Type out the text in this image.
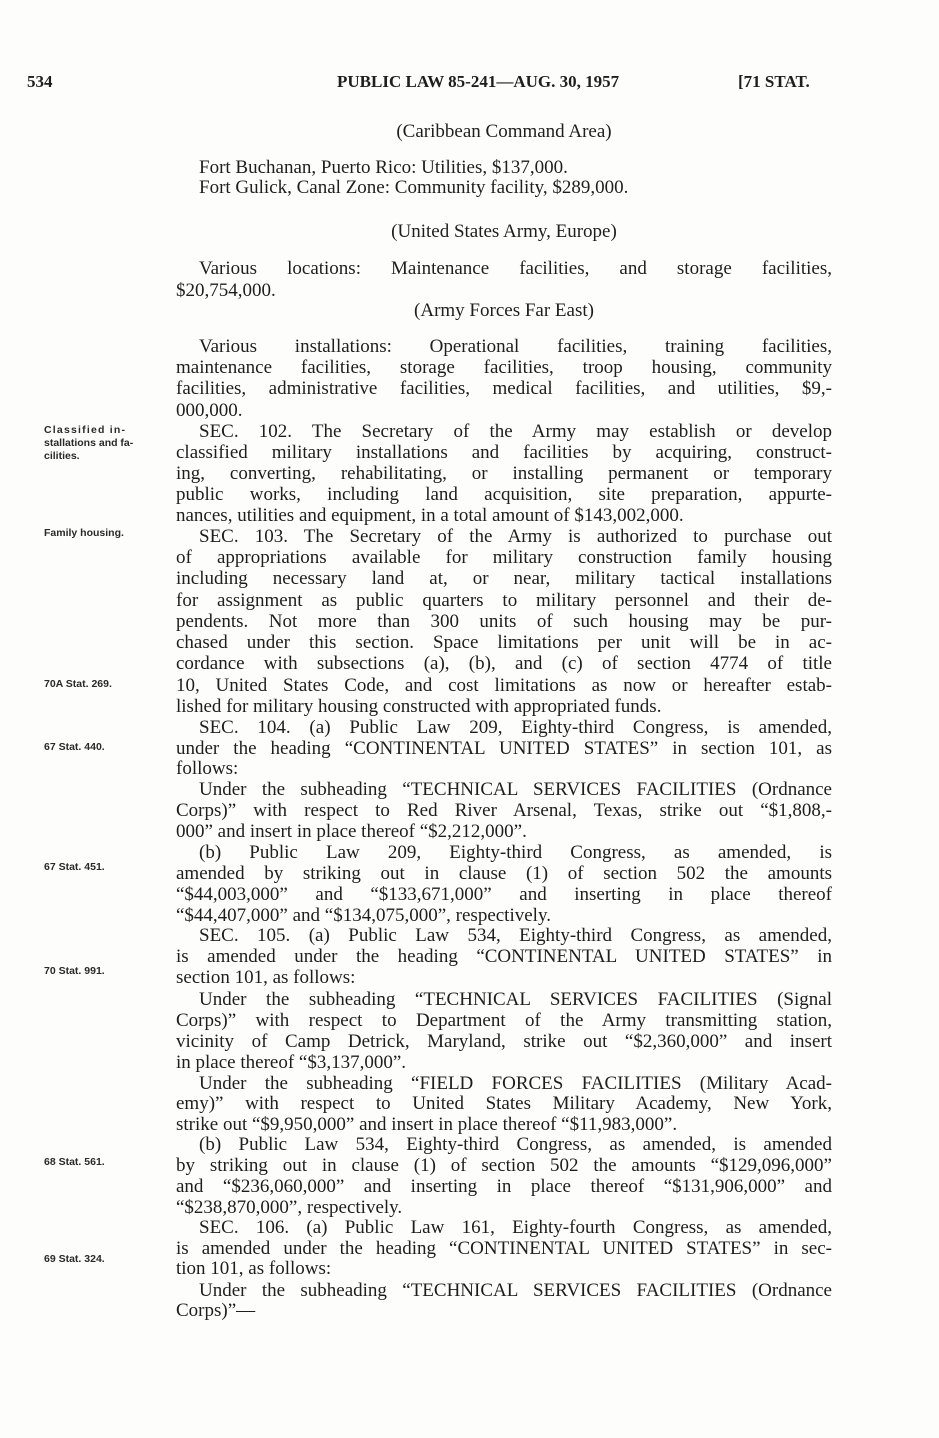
534	PUBLIC LAW 85-241—AUG. 30, 1957	[71 STAT.
(Caribbean Command Area)
Fort Buchanan, Puerto Rico: Utilities, $137,000.
Fort Gulick, Canal Zone: Community facility, $289,000.
(United States Army, Europe)
Various locations: Maintenance facilities, and storage facilities,
$20,754,000.
(Army Forces Far East)
Various installations: Operational facilities, training facilities,
maintenance facilities, storage facilities, troop housing, community
facilities, administrative facilities, medical facilities, and utilities, $9,-
000,000.
SEC. 102. The Secretary of the Army may establish or develop
classified military installations and facilities by acquiring, construct-
ing, converting, rehabilitating, or installing permanent or temporary
public works, including land acquisition, site preparation, appurte-
nances, utilities and equipment, in a total amount of $143,002,000.
SEC. 103. The Secretary of the Army is authorized to purchase out
of appropriations available for military construction family housing
including necessary land at, or near, military tactical installations
for assignment as public quarters to military personnel and their de-
pendents. Not more than 300 units of such housing may be pur-
chased under this section. Space limitations per unit will be in ac-
cordance with subsections (a), (b), and (c) of section 4774 of title
10, United States Code, and cost limitations as now or hereafter estab-
lished for military housing constructed with appropriated funds.
SEC. 104. (a) Public Law 209, Eighty-third Congress, is amended,
under the heading “CONTINENTAL UNITED STATES” in section 101, as
follows:
Under the subheading “TECHNICAL SERVICES FACILITIES (Ordnance
Corps)” with respect to Red River Arsenal, Texas, strike out “$1,808,-
000” and insert in place thereof “$2,212,000”.
(b) Public Law 209, Eighty-third Congress, as amended, is
amended by striking out in clause (1) of section 502 the amounts
“$44,003,000” and “$133,671,000” and inserting in place thereof
“$44,407,000” and “$134,075,000”, respectively.
SEC. 105. (a) Public Law 534, Eighty-third Congress, as amended,
is amended under the heading “CONTINENTAL UNITED STATES” in
section 101, as follows:
Under the subheading “TECHNICAL SERVICES FACILITIES (Signal
Corps)” with respect to Department of the Army transmitting station,
vicinity of Camp Detrick, Maryland, strike out “$2,360,000” and insert
in place thereof “$3,137,000”.
Under the subheading “FIELD FORCES FACILITIES (Military Acad-
emy)” with respect to United States Military Academy, New York,
strike out “$9,950,000” and insert in place thereof “$11,983,000”.
(b) Public Law 534, Eighty-third Congress, as amended, is amended
by striking out in clause (1) of section 502 the amounts “$129,096,000”
and “$236,060,000” and inserting in place thereof “$131,906,000” and
“$238,870,000”, respectively.
SEC. 106. (a) Public Law 161, Eighty-fourth Congress, as amended,
is amended under the heading “CONTINENTAL UNITED STATES” in sec-
tion 101, as follows:
Under the subheading “TECHNICAL SERVICES FACILITIES (Ordnance
Corps)”—
Classified in-
stallations and fa-
cilities.
Family housing.
70A Stat. 269.
67 Stat. 440.
67 Stat. 451.
70 Stat. 991.
68 Stat. 561.
69 Stat. 324.
